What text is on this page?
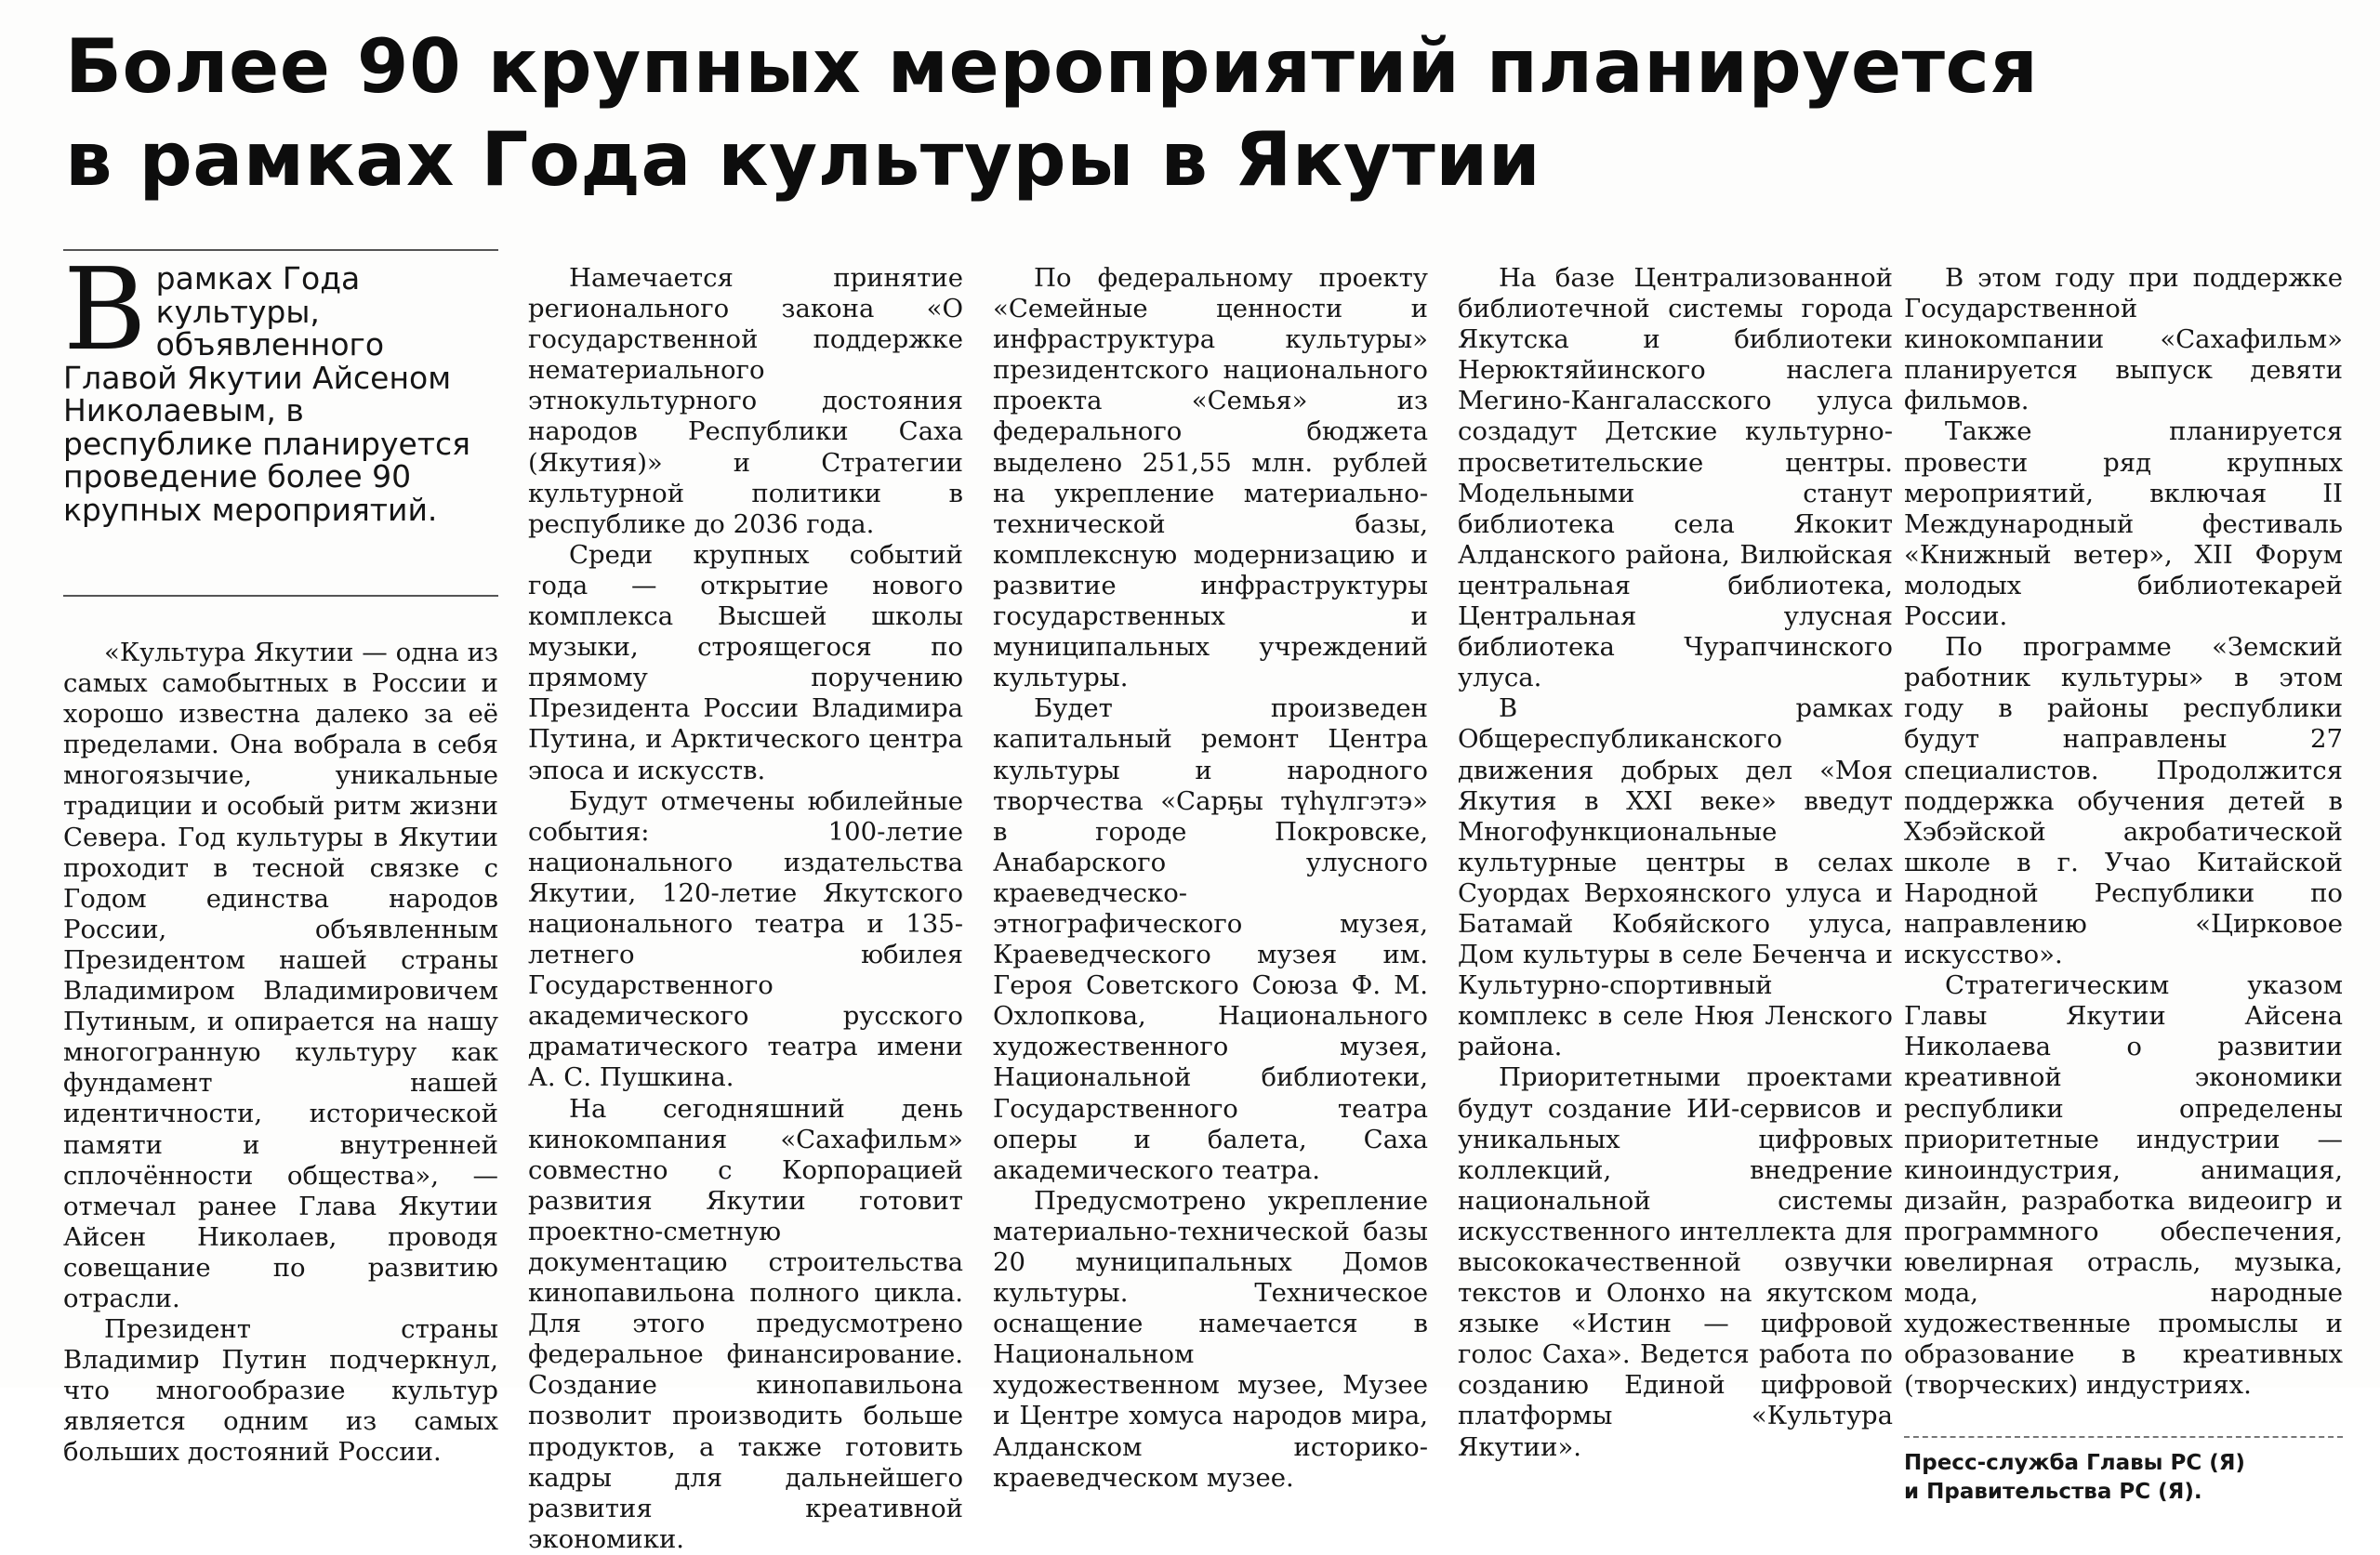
Более 90 крупных мероприятий планируется
в рамках Года культуры в Якутии
В рамках Года культуры, объявленного Главой Якутии Айсеном Николаевым, в республике планируется проведение более 90 крупных мероприятий.

«Культура Якутии — одна из самых самобытных в России и хорошо известна далеко за её пределами. Она вобрала в себя многоязычие, уникальные традиции и особый ритм жизни Севера. Год культуры в Якутии проходит в тесной связке с Годом единства народов России, объявленным Президентом нашей страны Владимиром Владимировичем Путиным, и опирается на нашу многогранную культуру как фундамент нашей идентичности, исторической памяти и внутренней сплочённости общества», — отмечал ранее Глава Якутии Айсен Николаев, проводя совещание по развитию отрасли.

Президент страны Владимир Путин подчеркнул, что многообразие культур является одним из самых больших достояний России.

Намечается принятие регионального закона «О государственной поддержке нематериального этнокультурного достояния народов Республики Саха (Якутия)» и Стратегии культурной политики в республике до 2036 года.

Среди крупных событий года — открытие нового комплекса Высшей школы музыки, строящегося по прямому поручению Президента России Владимира Путина, и Арктического центра эпоса и искусств.

Будут отмечены юбилейные события: 100-летие национального издательства Якутии, 120-летие Якутского национального театра и 135-летнего юбилея Государственного академического русского драматического театра имени А. С. Пушкина.

На сегодняшний день кинокомпания «Сахафильм» совместно с Корпорацией развития Якутии готовит проектно-сметную документацию строительства кинопавильона полного цикла. Для этого предусмотрено федеральное финансирование. Создание кинопавильона позволит производить больше продуктов, а также готовить кадры для дальнейшего развития креативной экономики.

По федеральному проекту «Семейные ценности и инфраструктура культуры» президентского национального проекта «Семья» из федерального бюджета выделено 251,55 млн. рублей на укрепление материально-технической базы, комплексную модернизацию и развитие инфраструктуры государственных и муниципальных учреждений культуры.

Будет произведен капитальный ремонт Центра культуры и народного творчества «Сарҕы түһүлгэтэ» в городе Покровске, Анабарского улусного краеведческо-этнографического музея, Краеведческого музея им. Героя Советского Союза Ф. М. Охлопкова, Национального художественного музея, Национальной библиотеки, Государственного театра оперы и балета, Саха академического театра.

Предусмотрено укрепление материально-технической базы 20 муниципальных Домов культуры. Техническое оснащение намечается в Национальном художественном музее, Музее и Центре хомуса народов мира, Алданском историко-краеведческом музее.

На базе Централизованной библиотечной системы города Якутска и библиотеки Нерюктяйинского наслега Мегино-Кангаласского улуса создадут Детские культурно-просветительские центры. Модельными станут библиотека села Якокит Алданского района, Вилюйская центральная библиотека, Центральная улусная библиотека Чурапчинского улуса.

В рамках Общереспубликанского движения добрых дел «Моя Якутия в XXI веке» введут Многофункциональные культурные центры в селах Суордах Верхоянского улуса и Батамай Кобяйского улуса, Дом культуры в селе Беченча и Культурно-спортивный комплекс в селе Нюя Ленского района.

Приоритетными проектами будут создание ИИ-сервисов и уникальных цифровых коллекций, внедрение национальной системы искусственного интеллекта для высококачественной озвучки текстов и Олонхо на якутском языке «Истин — цифровой голос Саха». Ведется работа по созданию Единой цифровой платформы «Культура Якутии».

В этом году при поддержке Государственной кинокомпании «Сахафильм» планируется выпуск девяти фильмов.

Также планируется провести ряд крупных мероприятий, включая II Международный фестиваль «Книжный ветер», XII Форум молодых библиотекарей России.

По программе «Земский работник культуры» в этом году в районы республики будут направлены 27 специалистов. Продолжится поддержка обучения детей в Хэбэйской акробатической школе в г. Учао Китайской Народной Республики по направлению «Цирковое искусство».

Стратегическим указом Главы Якутии Айсена Николаева о развитии креативной экономики республики определены приоритетные индустрии — киноиндустрия, анимация, дизайн, разработка видеоигр и программного обеспечения, ювелирная отрасль, музыка, мода, народные художественные промыслы и образование в креативных (творческих) индустриях.

Пресс-служба Главы РС (Я)
и Правительства РС (Я).
